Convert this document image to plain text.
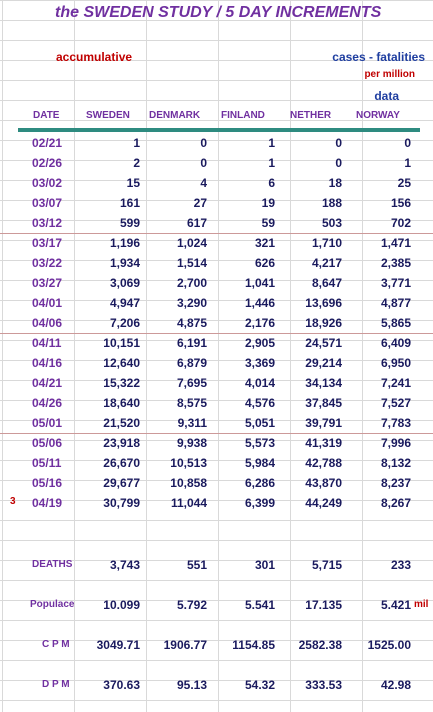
the SWEDEN STUDY / 5 DAY INCREMENTS
accumulative	cases - fatalities
per million
data
DATE	SWEDEN DENMARK FINLAND	NETHER NORWAY
02/21	1	0	1	0	0
02/26	2	0	1	0	1
03/02	15	4	6	18	25
03/07	161	27	19	188	156
03/12	599	617	59	503	702
03/17	1,196	1,024	321	1,710	1,471
03/22	1,934	1,514	626	4,217	2,385
03/27	3,069	2,700	1,041	8,647	3,771
04/01	4,947	3,290	1,446	13,696	4,877
04/06	7,206	4,875	2,176	18,926	5,865
04/11	10,151	6,191	2,905	24,571	6,409
04/16	12,640	6,879	3,369	29,214	6,950
04/21	15,322	7,695	4,014	34,134	7,241
04/26	18,640	8,575	4,576	37,845	7,527
05/01	21,520	9,311	5,051	39,791	7,783
05/06	23,918	9,938	5,573	41,319	7,996
05/11	26,670	10,513	5,984	42,788	8,132
05/16	29,677	10,858	6,286	43,870	8,237
3 04/19	30,799	11,044	6,399	44,249	8,267
DEATHS	3,743	551	301	5,715	233
Populace 10.099	5.792	5.541	17.135	5.421 mil
C P M 3049.71 1906.77 1154.85 2582.38 1525.00
D P M	370.63	95.13	54.32	333.53	42.98
